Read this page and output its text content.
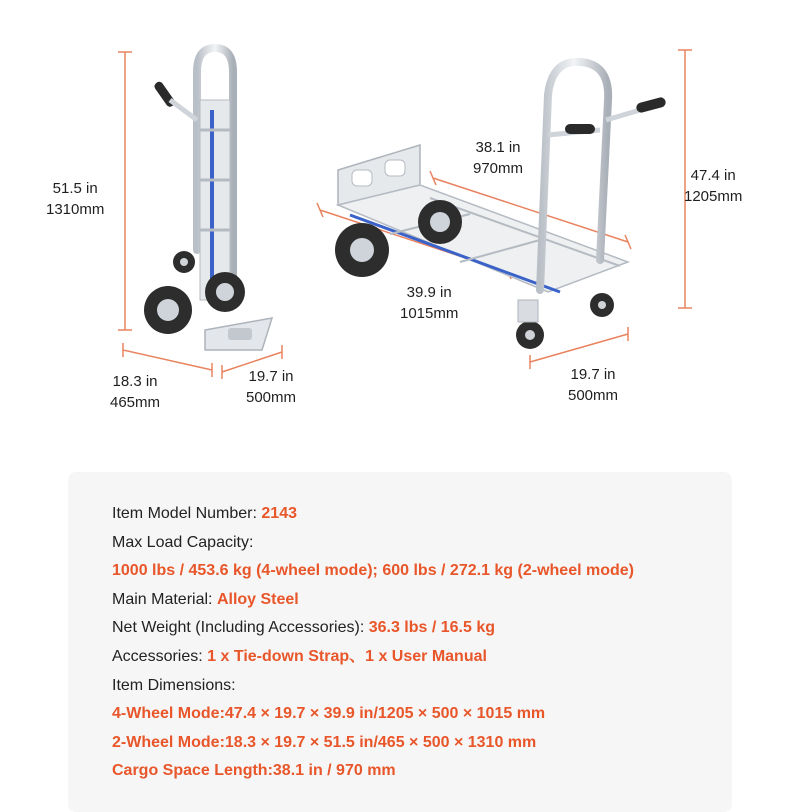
51.5 in
1310mm
18.3 in
465mm
19.7 in
500mm
38.1 in
970mm	47.4 in
1205mm
39.9 in
1015mm
19.7 in
500mm
Item Model Number: 2143
Max Load Capacity:
1000 lbs / 453.6 kg (4-wheel mode); 600 lbs / 272.1 kg (2-wheel mode)
Main Material: Alloy Steel
Net Weight (Including Accessories): 36.3 lbs / 16.5 kg
Accessories: 1 x Tie-down Strap、1 x User Manual
Item Dimensions:
4-Wheel Mode:47.4 × 19.7 × 39.9 in/1205 × 500 × 1015 mm
2-Wheel Mode:18.3 × 19.7 × 51.5 in/465 × 500 × 1310 mm
Cargo Space Length:38.1 in / 970 mm
